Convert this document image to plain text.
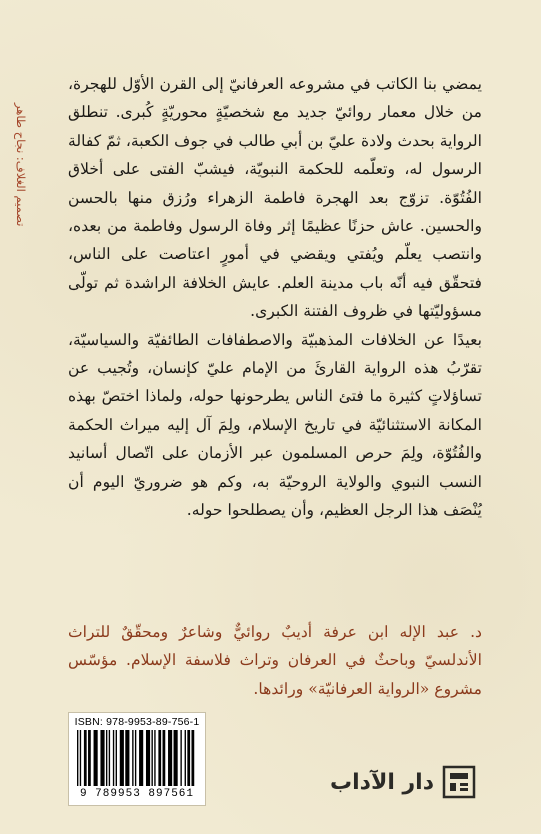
تصميم الغلاف: نجاح طاهر

يمضي بنا الكاتب في مشروعه العرفانيّ إلى القرن الأوّل للهجرة، من خلال معمار روائيّ جديد مع شخصيّةٍ محوريّةٍ كُبرى. تنطلق الرواية بحدث ولادة عليّ بن أبي طالب في جوف الكعبة، ثمّ كفالة الرسول له، وتعلّمه للحكمة النبويّة، فيشبّ الفتى على أخلاق الفُتُوّة. تزوّج بعد الهجرة فاطمة الزهراء ورُزق منها بالحسن والحسين. عاش حزنًا عظيمًا إثر وفاة الرسول وفاطمة من بعده، وانتصب يعلّم ويُفتي ويقضي في أمورٍ اعتاصت على الناس، فتحقّق فيه أنّه باب مدينة العلم. عايش الخلافة الراشدة ثم تولّى مسؤوليّتها في ظروف الفتنة الكبرى.

بعيدًا عن الخلافات المذهبيّة والاصطفافات الطائفيّة والسياسيّة، تقرّبُ هذه الرواية القارئَ من الإمام عليّ كإنسان، وتُجيب عن تساؤلاتٍ كثيرة ما فتئ الناس يطرحونها حوله، ولماذا اختصّ بهذه المكانة الاستثنائيّة في تاريخ الإسلام، ولِمَ آل إليه ميراث الحكمة والفُتُوّة، ولِمَ حرص المسلمون عبر الأزمان على اتّصال أسانيد النسب النبوي والولاية الروحيّة به، وكم هو ضروريّ اليوم أن يُنْصَف هذا الرجل العظيم، وأن يصطلحوا حوله.

د. عبد الإله ابن عرفة أديبٌ روائيٌّ وشاعرٌ ومحقّقٌ للتراث الأندلسيّ وباحثٌ في العرفان وتراث فلاسفة الإسلام. مؤسّس مشروع «الرواية العرفانيّة» ورائدها.

ISBN: 978-9953-89-756-1
9 789953 897561	دار الآداب
